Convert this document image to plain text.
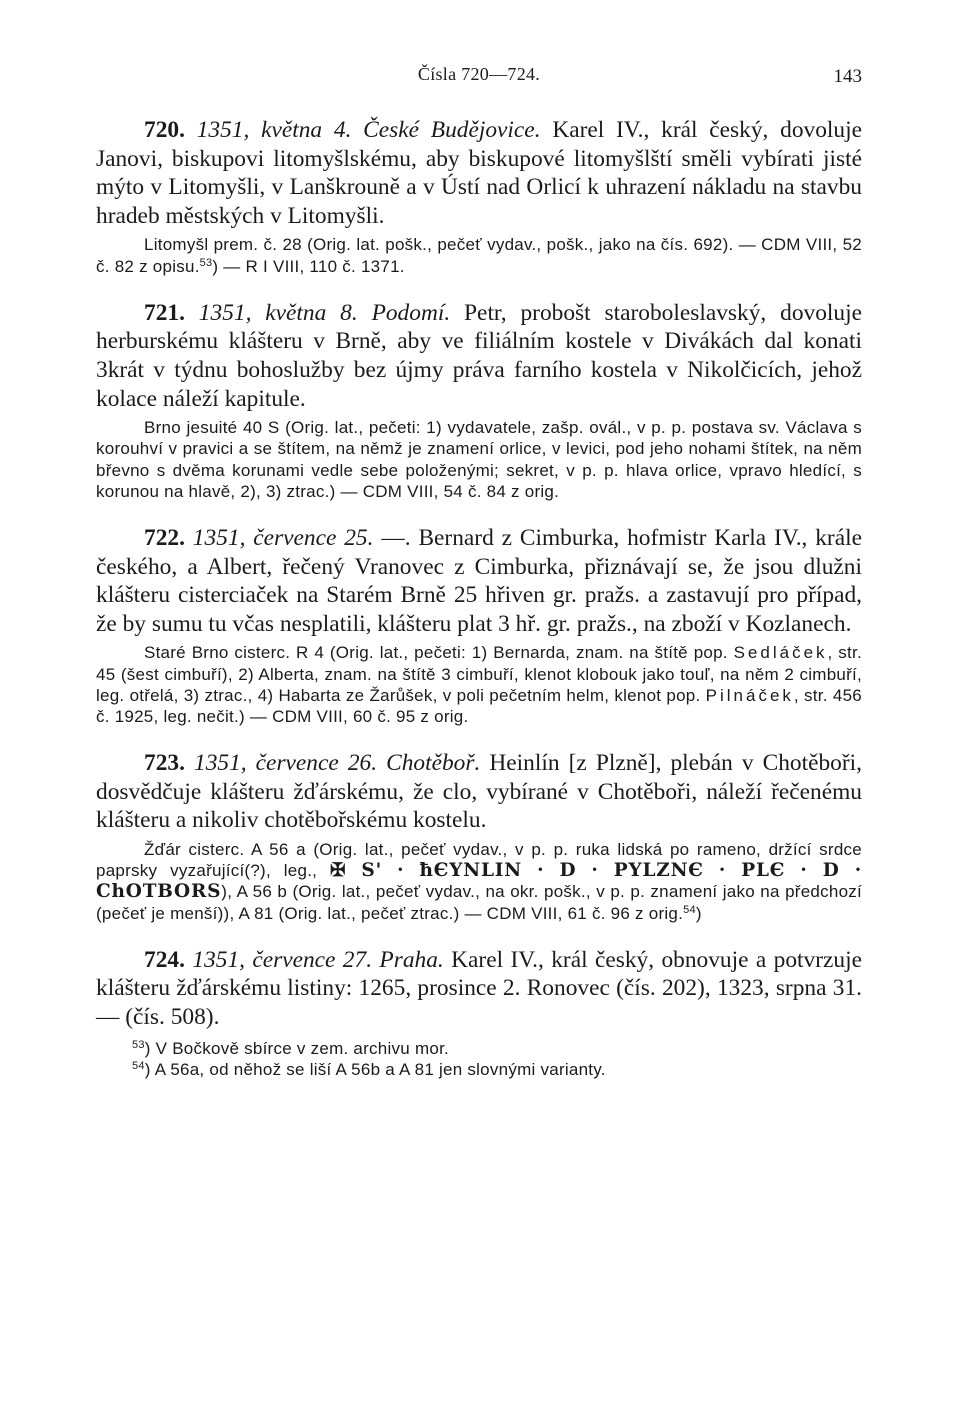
Čísla 720—724.	143

720. 1351, května 4. České Budějovice. Karel IV., král český, dovoluje Janovi, biskupovi litomyšlskému, aby biskupové litomyšlští směli vybírati jisté mýto v Litomyšli, v Lanškrouně a v Ústí nad Orlicí k uhrazení nákladu na stavbu hradeb městských v Litomyšli.

Litomyšl prem. č. 28 (Orig. lat. pošk., pečeť vydav., pošk., jako na čís. 692). — CDM VIII, 52 č. 82 z opisu.$^{53}$) — R I VIII, 110 č. 1371.

721. 1351, května 8. Podomí. Petr, probošt staroboleslavský, dovoluje herburskému klášteru v Brně, aby ve filiálním kostele v Divákách dal konati 3krát v týdnu bohoslužby bez újmy práva farního kostela v Nikolčicích, jehož kolace náleží kapitule.

Brno jesuité 40 S (Orig. lat., pečeti: 1) vydavatele, zašp. ovál., v p. p. postava sv. Václava s korouhví v pravici a se štítem, na němž je znamení orlice, v levici, pod jeho nohami štítek, na něm břevno s dvěma korunami vedle sebe položenými; sekret, v p. p. hlava orlice, vpravo hledící, s korunou na hlavě, 2), 3) ztrac.) — CDM VIII, 54 č. 84 z orig.

722. 1351, července 25. —. Bernard z Cimburka, hofmistr Karla IV., krále českého, a Albert, řečený Vranovec z Cimburka, přiznávají se, že jsou dlužni klášteru cisterciaček na Starém Brně 25 hřiven gr. pražs. a zastavují pro případ, že by sumu tu včas nesplatili, klášteru plat 3 hř. gr. pražs., na zboží v Kozlanech.

Staré Brno cisterc. R 4 (Orig. lat., pečeti: 1) Bernarda, znam. na štítě pop. Sedláček, str. 45 (šest cimbuří), 2) Alberta, znam. na štítě 3 cimbuří, klenot klobouk jako touľ, na něm 2 cimbuří, leg. otřelá, 3) ztrac., 4) Habarta ze Žarůšek, v poli pečetním helm, klenot pop. Pilnáček, str. 456 č. 1925, leg. nečit.) — CDM VIII, 60 č. 95 z orig.

723. 1351, července 26. Chotěboř. Heinlín [z Plzně], plebán v Chotěboři, dosvědčuje klášteru žďárskému, že clo, vybírané v Chotěboři, náleží řečenému klášteru a nikoliv chotěbořskému kostelu.

Žďár cisterc. A 56 a (Orig. lat., pečeť vydav., v p. p. ruka lidská po rameno, držící srdce paprsky vyzařující(?), leg., ✠ S' · ħЄYNLIN · D · PYLZNЄ · PLЄ · D · ChOTBORS), A 56 b (Orig. lat., pečeť vydav., na okr. pošk., v p. p. znamení jako na předchozí (pečeť je menší)), A 81 (Orig. lat., pečeť ztrac.) — CDM VIII, 61 č. 96 z orig.$^{54}$)

724. 1351, července 27. Praha. Karel IV., král český, obnovuje a potvrzuje klášteru žďárskému listiny: 1265, prosince 2. Ronovec (čís. 202), 1323, srpna 31. — (čís. 508).

$^{53}$) V Bočkově sbírce v zem. archivu mor.

$^{54}$) A 56a, od něhož se liší A 56b a A 81 jen slovnými varianty.
